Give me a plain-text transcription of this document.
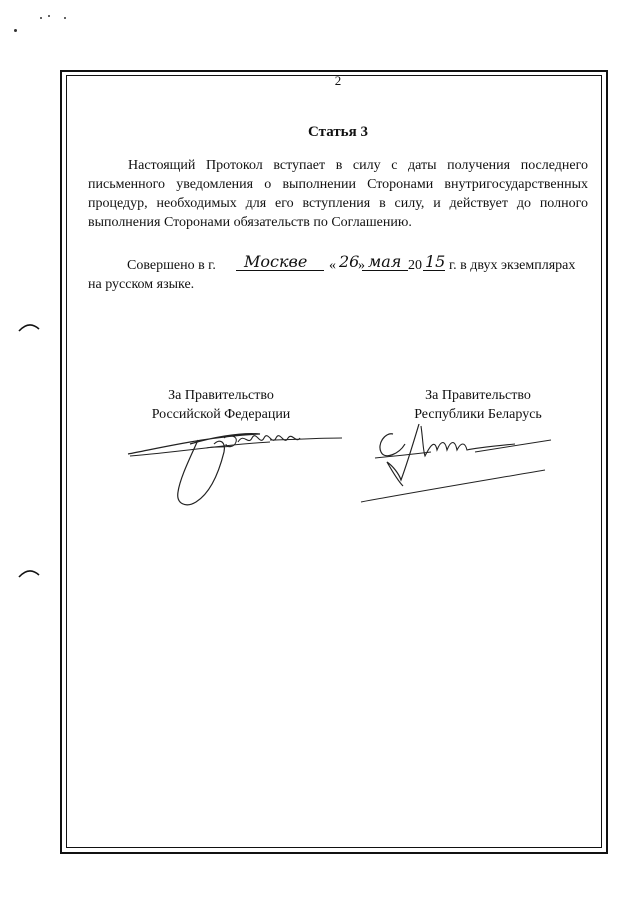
2
Статья 3
Настоящий Протокол вступает в силу с даты получения последнего письменного уведомления о выполнении Сторонами внутригосударственных процедур, необходимых для его вступления в силу, и действует до полного выполнения Сторонами обязательств по Соглашению.
Совершено в г. Москве « 26
» мая 20 15 г. в двух экземплярах
на русском языке.
За Правительство
Российской Федерации
За Правительство
Республики Беларусь
